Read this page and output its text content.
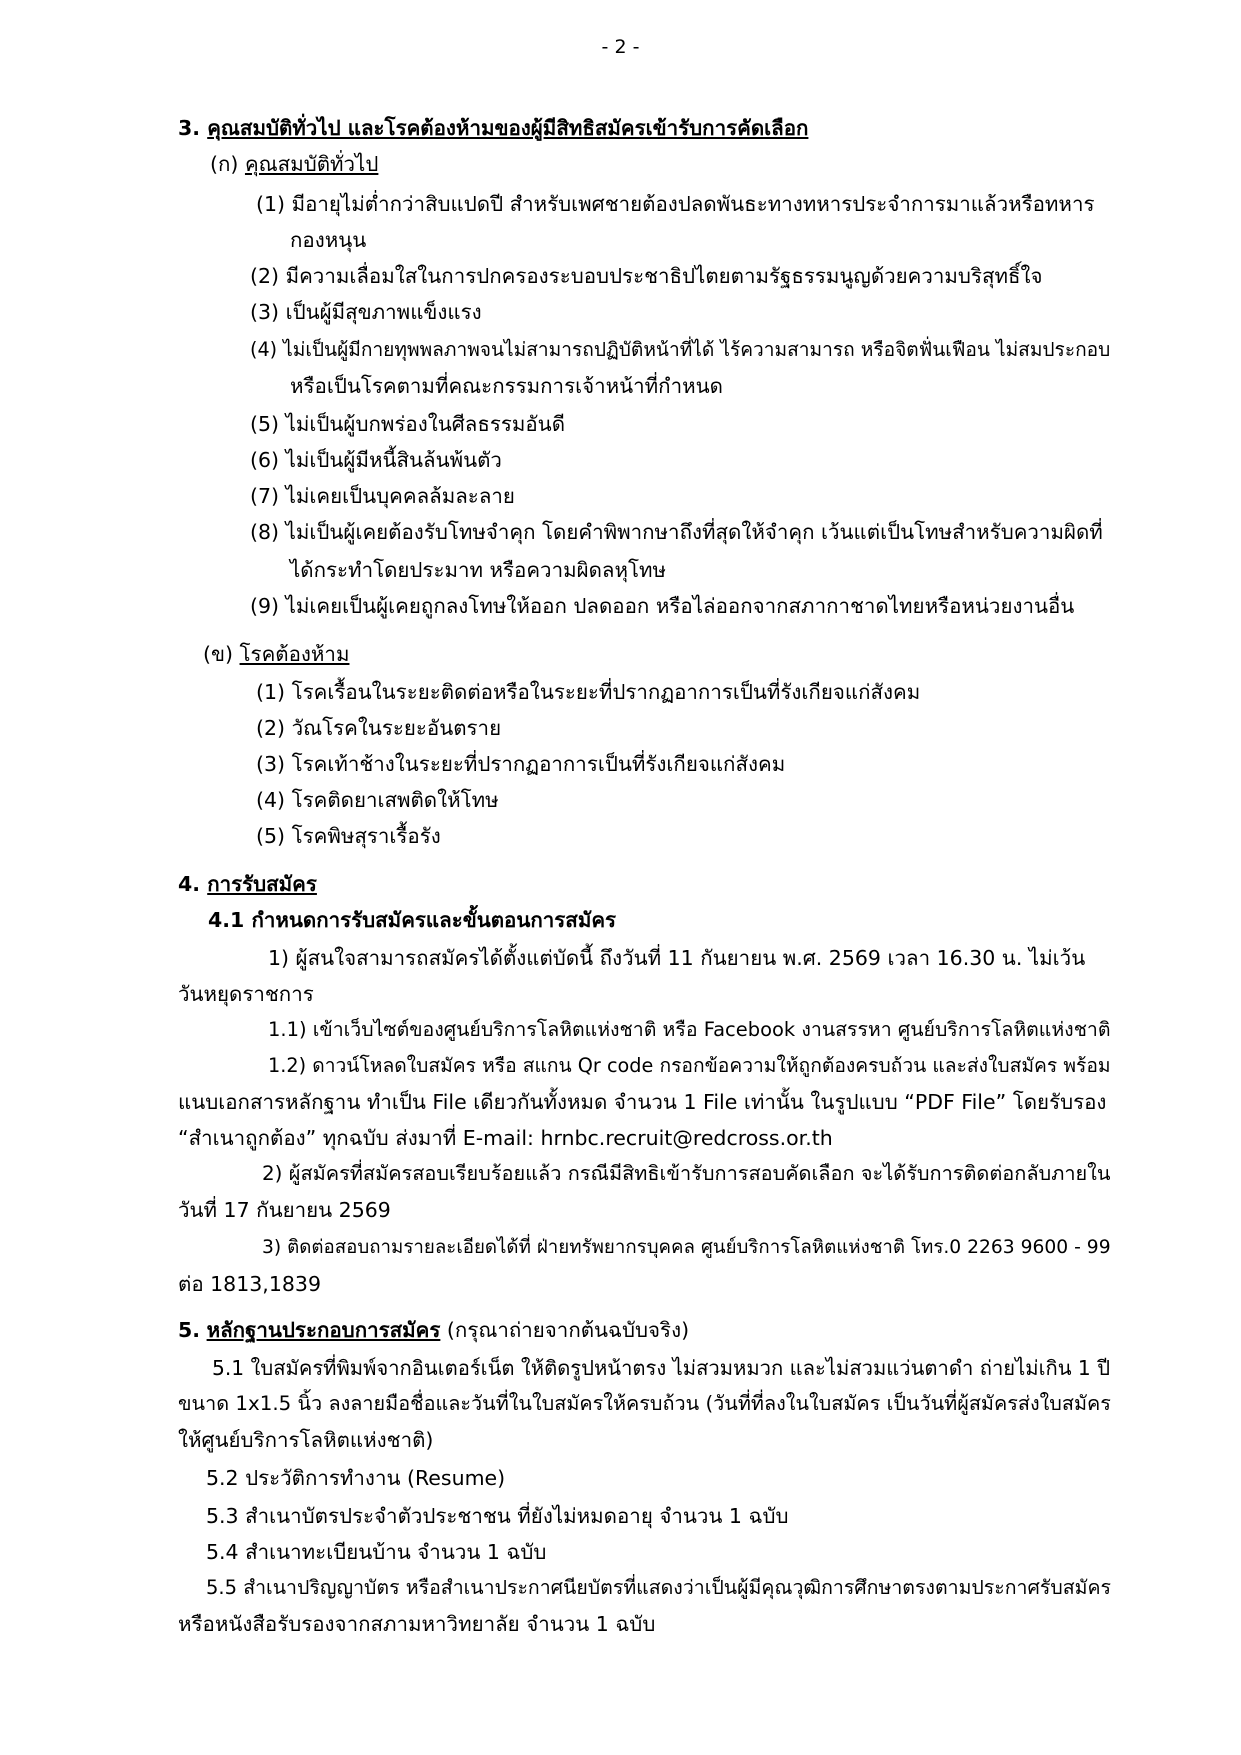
- 2 -
3. คุณสมบัติทั่วไป และโรคต้องห้ามของผู้มีสิทธิสมัครเข้ารับการคัดเลือก
(ก) คุณสมบัติทั่วไป
(1) มีอายุไม่ต่ำกว่าสิบแปดปี สำหรับเพศชายต้องปลดพันธะทางทหารประจำการมาแล้วหรือทหาร
กองหนุน
(2) มีความเลื่อมใสในการปกครองระบอบประชาธิปไตยตามรัฐธรรมนูญด้วยความบริสุทธิ์ใจ
(3) เป็นผู้มีสุขภาพแข็งแรง
(4) ไม่เป็นผู้มีกายทุพพลภาพจนไม่สามารถปฏิบัติหน้าที่ได้ ไร้ความสามารถ หรือจิตฟั่นเฟือน ไม่สมประกอบ
หรือเป็นโรคตามที่คณะกรรมการเจ้าหน้าที่กำหนด
(5) ไม่เป็นผู้บกพร่องในศีลธรรมอันดี
(6) ไม่เป็นผู้มีหนี้สินล้นพ้นตัว
(7) ไม่เคยเป็นบุคคลล้มละลาย
(8) ไม่เป็นผู้เคยต้องรับโทษจำคุก โดยคำพิพากษาถึงที่สุดให้จำคุก เว้นแต่เป็นโทษสำหรับความผิดที่
ได้กระทำโดยประมาท หรือความผิดลหุโทษ
(9) ไม่เคยเป็นผู้เคยถูกลงโทษให้ออก ปลดออก หรือไล่ออกจากสภากาชาดไทยหรือหน่วยงานอื่น
(ข) โรคต้องห้าม
(1) โรคเรื้อนในระยะติดต่อหรือในระยะที่ปรากฏอาการเป็นที่รังเกียจแก่สังคม
(2) วัณโรคในระยะอันตราย
(3) โรคเท้าช้างในระยะที่ปรากฏอาการเป็นที่รังเกียจแก่สังคม
(4) โรคติดยาเสพติดให้โทษ
(5) โรคพิษสุราเรื้อรัง
4. การรับสมัคร
4.1 กำหนดการรับสมัครและขั้นตอนการสมัคร
1) ผู้สนใจสามารถสมัครได้ตั้งแต่บัดนี้ ถึงวันที่ 11 กันยายน พ.ศ. 2569 เวลา 16.30 น. ไม่เว้น
วันหยุดราชการ
1.1) เข้าเว็บไซต์ของศูนย์บริการโลหิตแห่งชาติ หรือ Facebook งานสรรหา ศูนย์บริการโลหิตแห่งชาติ
1.2) ดาวน์โหลดใบสมัคร หรือ สแกน Qr code กรอกข้อความให้ถูกต้องครบถ้วน และส่งใบสมัคร พร้อม
แนบเอกสารหลักฐาน ทำเป็น File เดียวกันทั้งหมด จำนวน 1 File เท่านั้น ในรูปแบบ “PDF File” โดยรับรอง
“สำเนาถูกต้อง” ทุกฉบับ ส่งมาที่ E-mail: hrnbc.recruit@redcross.or.th
2) ผู้สมัครที่สมัครสอบเรียบร้อยแล้ว กรณีมีสิทธิเข้ารับการสอบคัดเลือก จะได้รับการติดต่อกลับภายใน
วันที่ 17 กันยายน 2569
3) ติดต่อสอบถามรายละเอียดได้ที่ ฝ่ายทรัพยากรบุคคล ศูนย์บริการโลหิตแห่งชาติ โทร.0 2263 9600 - 99
ต่อ 1813,1839
5. หลักฐานประกอบการสมัคร (กรุณาถ่ายจากต้นฉบับจริง)
5.1 ใบสมัครที่พิมพ์จากอินเตอร์เน็ต ให้ติดรูปหน้าตรง ไม่สวมหมวก และไม่สวมแว่นตาดำ ถ่ายไม่เกิน 1 ปี
ขนาด 1x1.5 นิ้ว ลงลายมือชื่อและวันที่ในใบสมัครให้ครบถ้วน (วันที่ที่ลงในใบสมัคร เป็นวันที่ผู้สมัครส่งใบสมัคร
ให้ศูนย์บริการโลหิตแห่งชาติ)
5.2 ประวัติการทำงาน (Resume)
5.3 สำเนาบัตรประจำตัวประชาชน ที่ยังไม่หมดอายุ จำนวน 1 ฉบับ
5.4 สำเนาทะเบียนบ้าน จำนวน 1 ฉบับ
5.5 สำเนาปริญญาบัตร หรือสำเนาประกาศนียบัตรที่แสดงว่าเป็นผู้มีคุณวุฒิการศึกษาตรงตามประกาศรับสมัคร
หรือหนังสือรับรองจากสภามหาวิทยาลัย จำนวน 1 ฉบับ
